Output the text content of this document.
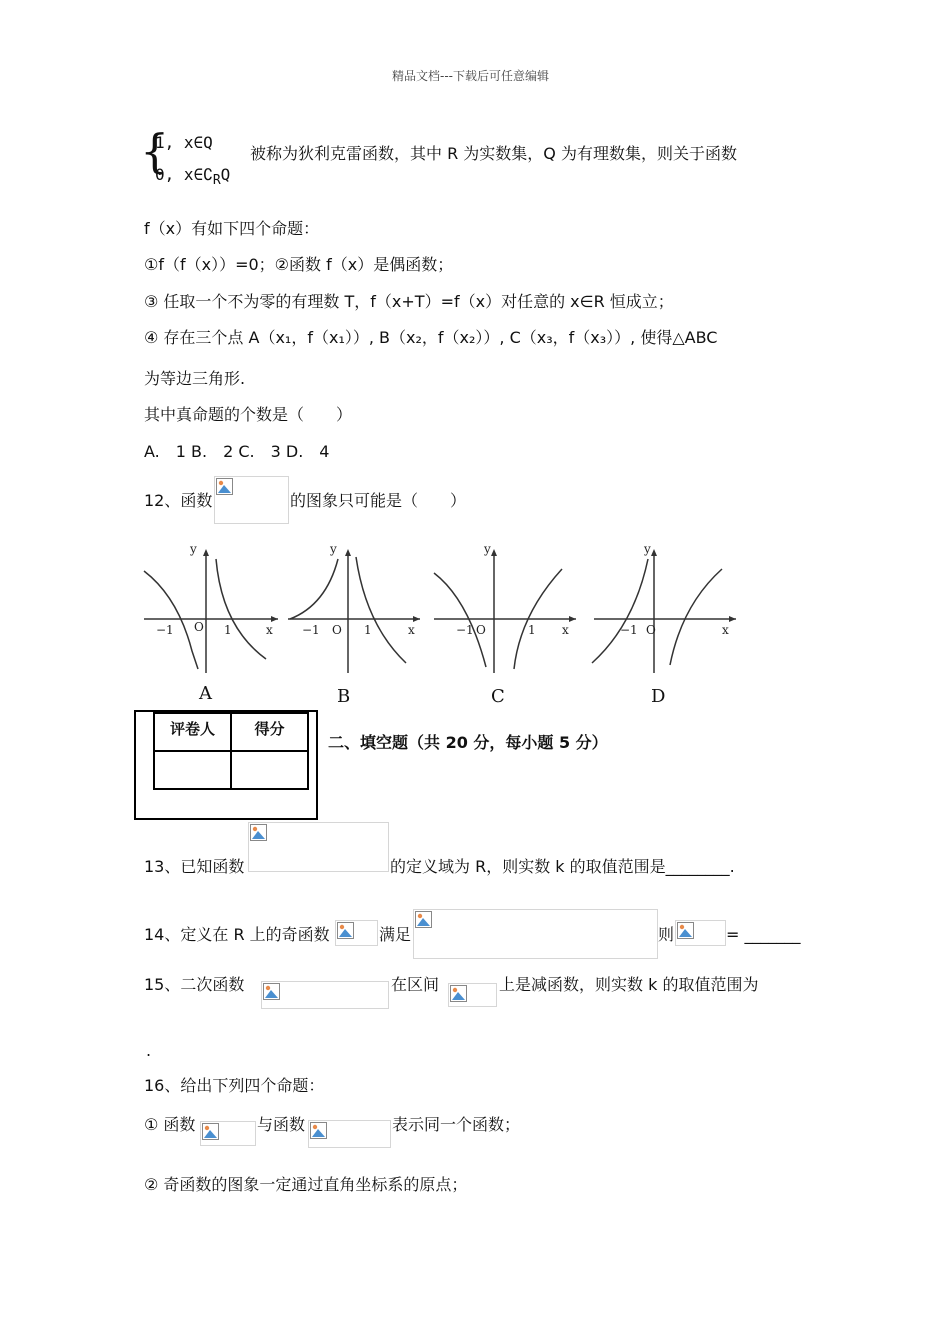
精品文档---下载后可任意编辑
{
1, x∈Q
0, $x\in∁_RQ$
被称为狄利克雷函数，其中 R 为实数集，Q 为有理数集，则关于函数
f（x）有如下四个命题：
①f（f（x））=0；②函数 f（x）是偶函数；
③ 任取一个不为零的有理数 T，f（x+T）=f（x）对任意的 x∈R 恒成立；
④ 存在三个点 A（x₁，f（x₁））, B（x₂，f（x₂））, C（x₃，f（x₃））, 使得△ABC
为等边三角形.
其中真命题的个数是（　　）
A.　1 B.　2 C.　3 D.　4
12、函数	的图象只可能是（　　）
−1 O 1	x
y
−1 O 1	x
y
−1 O	1 x
y
−1 O	x
y
A	B	C	D
评卷人	得分

二、填空题（共 20 分，每小题 5 分）
13、已知函数	的定义域为 R，则实数 k 的取值范围是________.
14、定义在 R 上的奇函数	满足	则	= _______
15、二次函数	在区间	上是减函数，则实数 k 的取值范围为
.
16、给出下列四个命题：
① 函数	与函数	表示同一个函数；
② 奇函数的图象一定通过直角坐标系的原点；
